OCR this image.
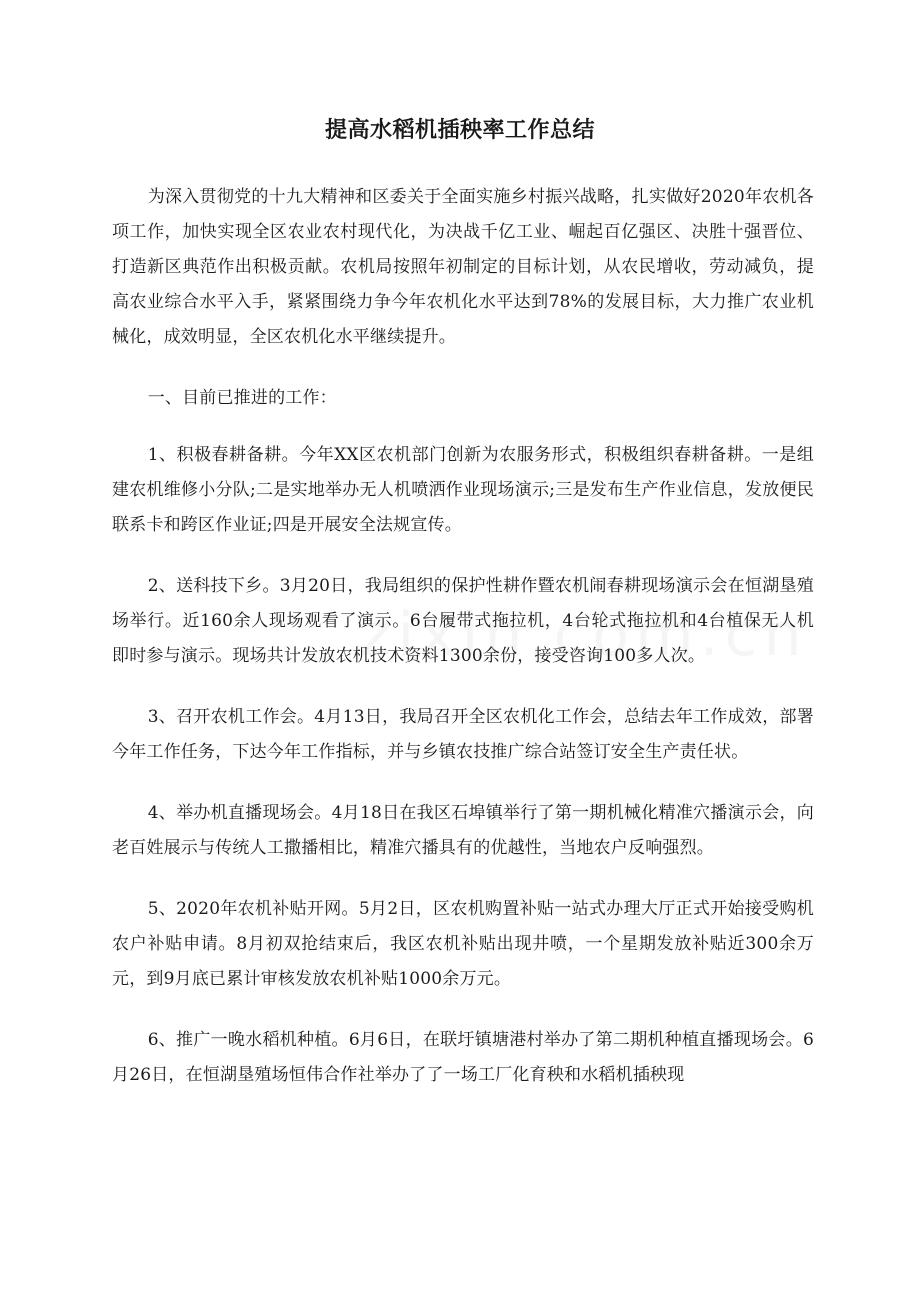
提高水稻机插秧率工作总结

为深入贯彻党的十九大精神和区委关于全面实施乡村振兴战略，扎实做好2020年农机各项工作，加快实现全区农业农村现代化，为决战千亿工业、崛起百亿强区、决胜十强晋位、打造新区典范作出积极贡献。农机局按照年初制定的目标计划，从农民增收，劳动减负，提高农业综合水平入手，紧紧围绕力争今年农机化水平达到78%的发展目标，大力推广农业机械化，成效明显，全区农机化水平继续提升。

一、目前已推进的工作：

1、积极春耕备耕。今年XX区农机部门创新为农服务形式，积极组织春耕备耕。一是组建农机维修小分队;二是实地举办无人机喷洒作业现场演示;三是发布生产作业信息，发放便民联系卡和跨区作业证;四是开展安全法规宣传。

2、送科技下乡。3月20日，我局组织的保护性耕作暨农机闹春耕现场演示会在恒湖垦殖场举行。近160余人现场观看了演示。6台履带式拖拉机，4台轮式拖拉机和4台植保无人机即时参与演示。现场共计发放农机技术资料1300余份，接受咨询100多人次。

3、召开农机工作会。4月13日，我局召开全区农机化工作会，总结去年工作成效，部署今年工作任务，下达今年工作指标，并与乡镇农技推广综合站签订安全生产责任状。

4、举办机直播现场会。4月18日在我区石埠镇举行了第一期机械化精准穴播演示会，向老百姓展示与传统人工撒播相比，精准穴播具有的优越性，当地农户反响强烈。

5、2020年农机补贴开网。5月2日，区农机购置补贴一站式办理大厅正式开始接受购机农户补贴申请。8月初双抢结束后，我区农机补贴出现井喷，一个星期发放补贴近300余万元，到9月底已累计审核发放农机补贴1000余万元。

6、推广一晚水稻机种植。6月6日，在联圩镇塘港村举办了第二期机种植直播现场会。6月26日，在恒湖垦殖场恒伟合作社举办了了一场工厂化育秧和水稻机插秧现
